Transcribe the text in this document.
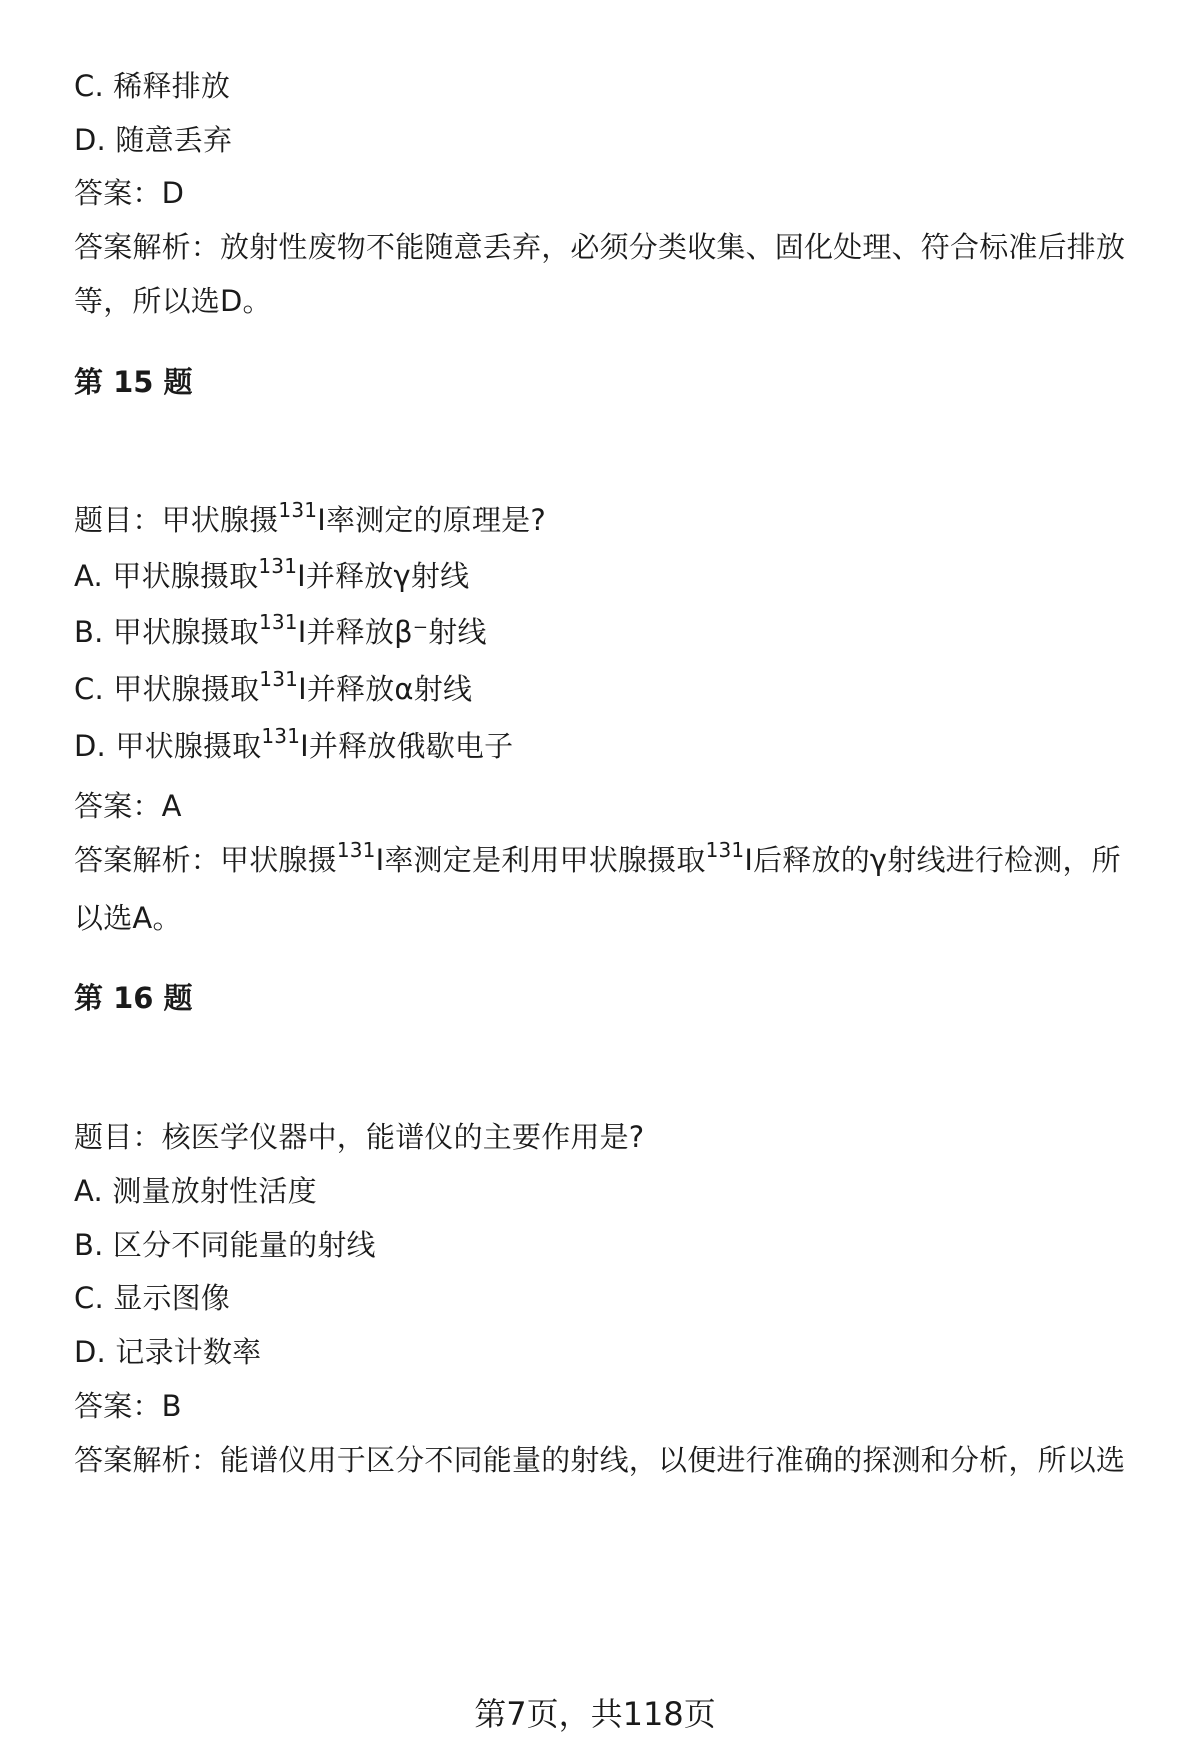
C. 稀释排放
D. 随意丢弃
答案：D
答案解析：放射性废物不能随意丢弃，必须分类收集、固化处理、符合标准后排放
等，所以选D。
第 15 题
题目：甲状腺摄$^{131}$I率测定的原理是?
A. 甲状腺摄取$^{131}$I并释放γ射线
B. 甲状腺摄取$^{131}$I并释放β⁻射线
C. 甲状腺摄取$^{131}$I并释放α射线
D. 甲状腺摄取$^{131}$I并释放俄歇电子
答案：A
答案解析：甲状腺摄$^{131}$I率测定是利用甲状腺摄取$^{131}$I后释放的γ射线进行检测，所
以选A。
第 16 题
题目：核医学仪器中，能谱仪的主要作用是?
A. 测量放射性活度
B. 区分不同能量的射线
C. 显示图像
D. 记录计数率
答案：B
答案解析：能谱仪用于区分不同能量的射线，以便进行准确的探测和分析，所以选
第7页，共118页
